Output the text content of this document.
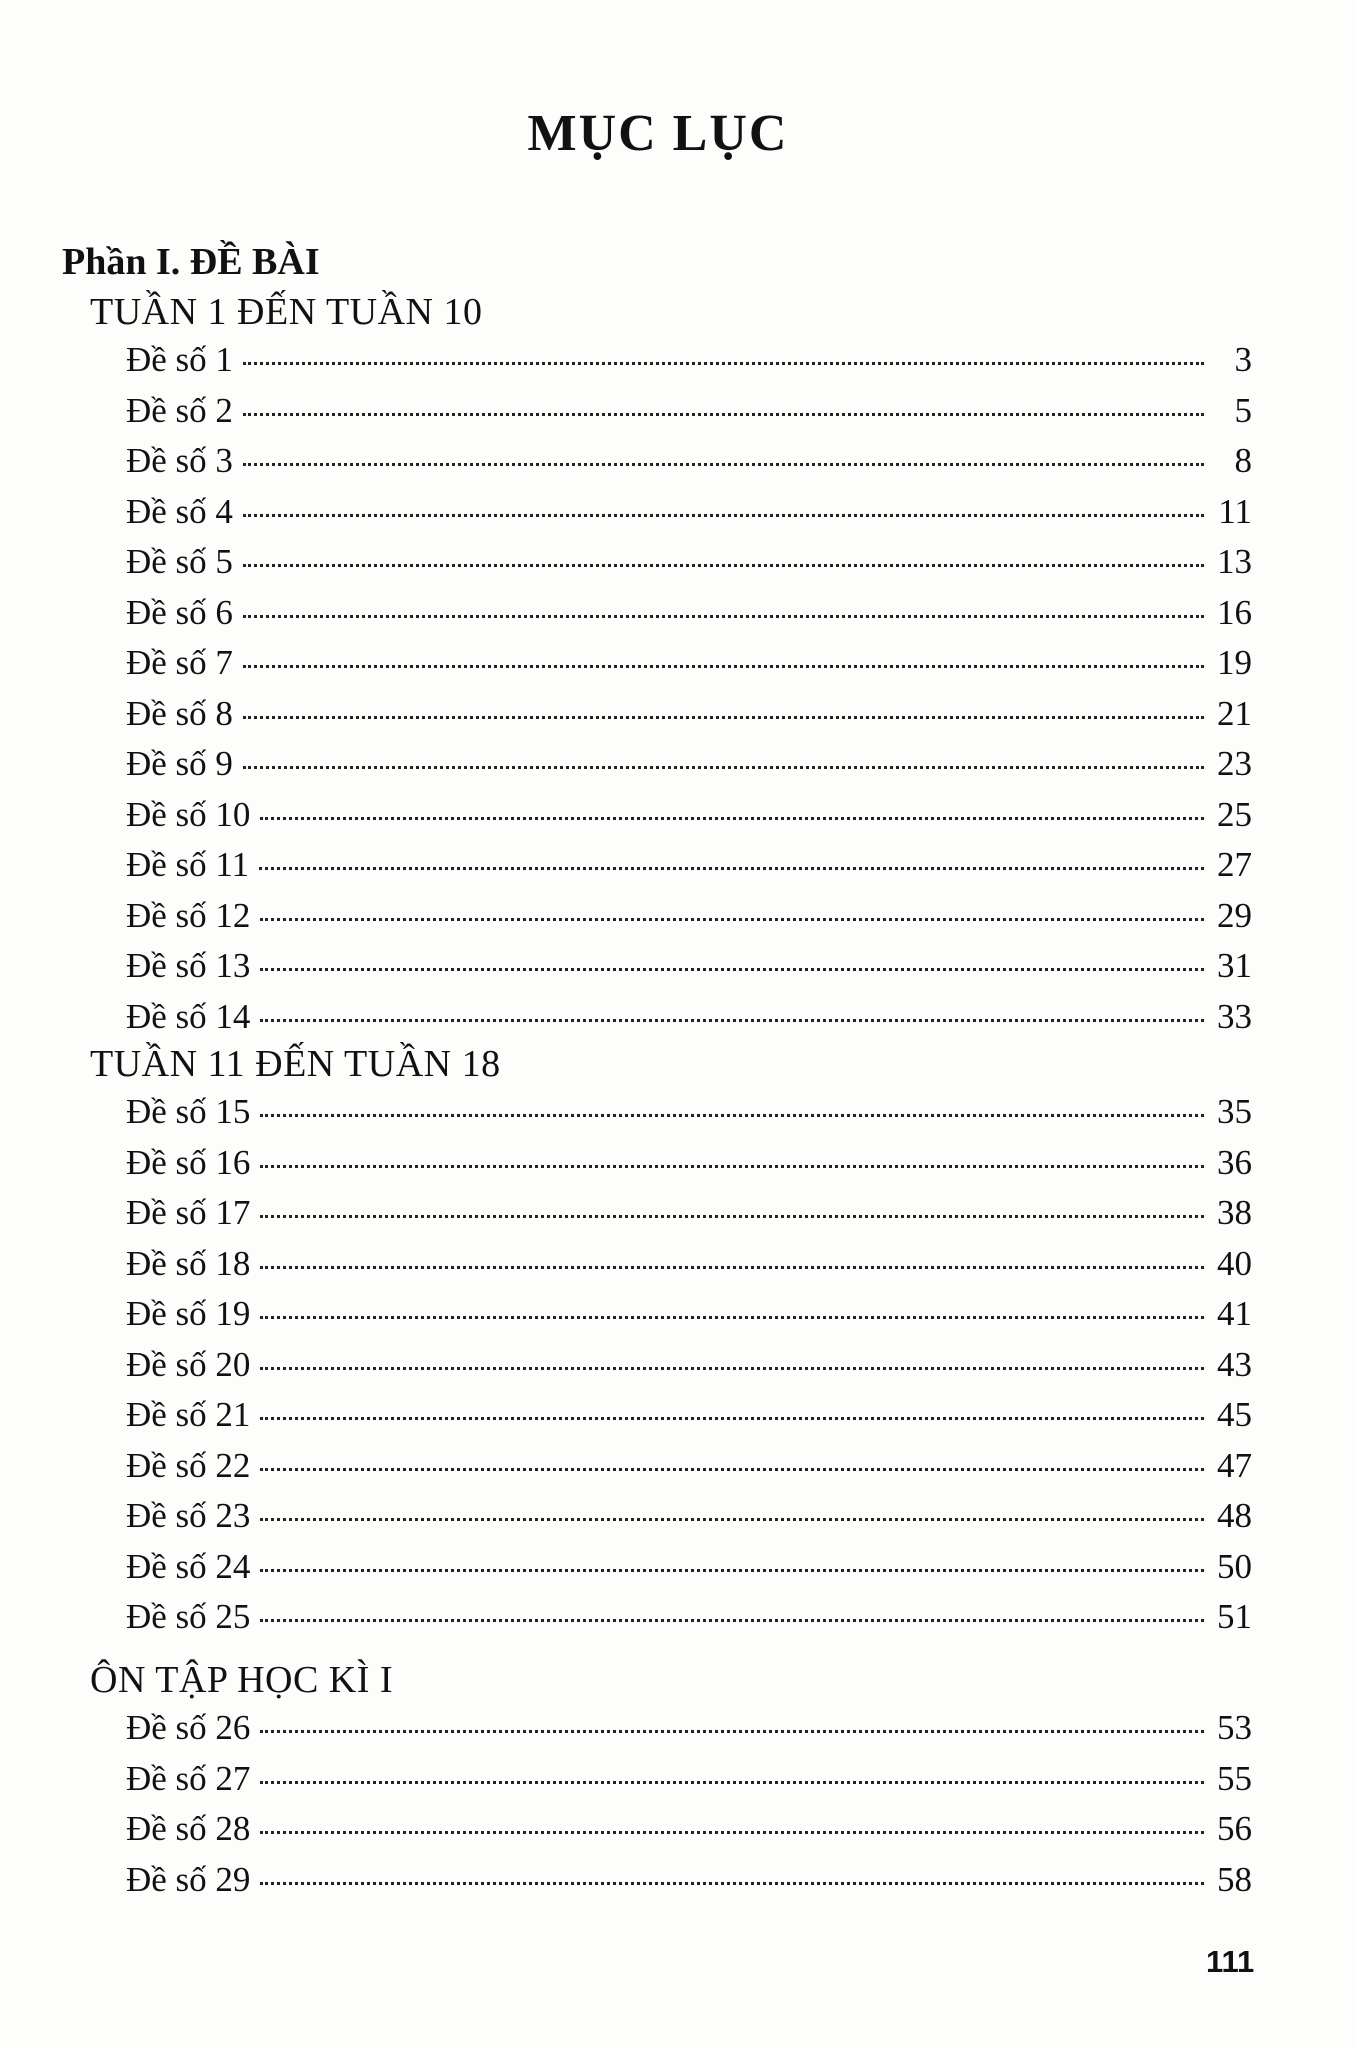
MỤC LỤC
Phần I. ĐỀ BÀI
TUẦN 1 ĐẾN TUẦN 10
Đề số 1	3
Đề số 2	5
Đề số 3	8
Đề số 4	11
Đề số 5	13
Đề số 6	16
Đề số 7	19
Đề số 8	21
Đề số 9	23
Đề số 10	25
Đề số 11	27
Đề số 12	29
Đề số 13	31
Đề số 14	33
TUẦN 11 ĐẾN TUẦN 18
Đề số 15	35
Đề số 16	36
Đề số 17	38
Đề số 18	40
Đề số 19	41
Đề số 20	43
Đề số 21	45
Đề số 22	47
Đề số 23	48
Đề số 24	50
Đề số 25	51
ÔN TẬP HỌC KÌ I
Đề số 26	53
Đề số 27	55
Đề số 28	56
Đề số 29	58
111
